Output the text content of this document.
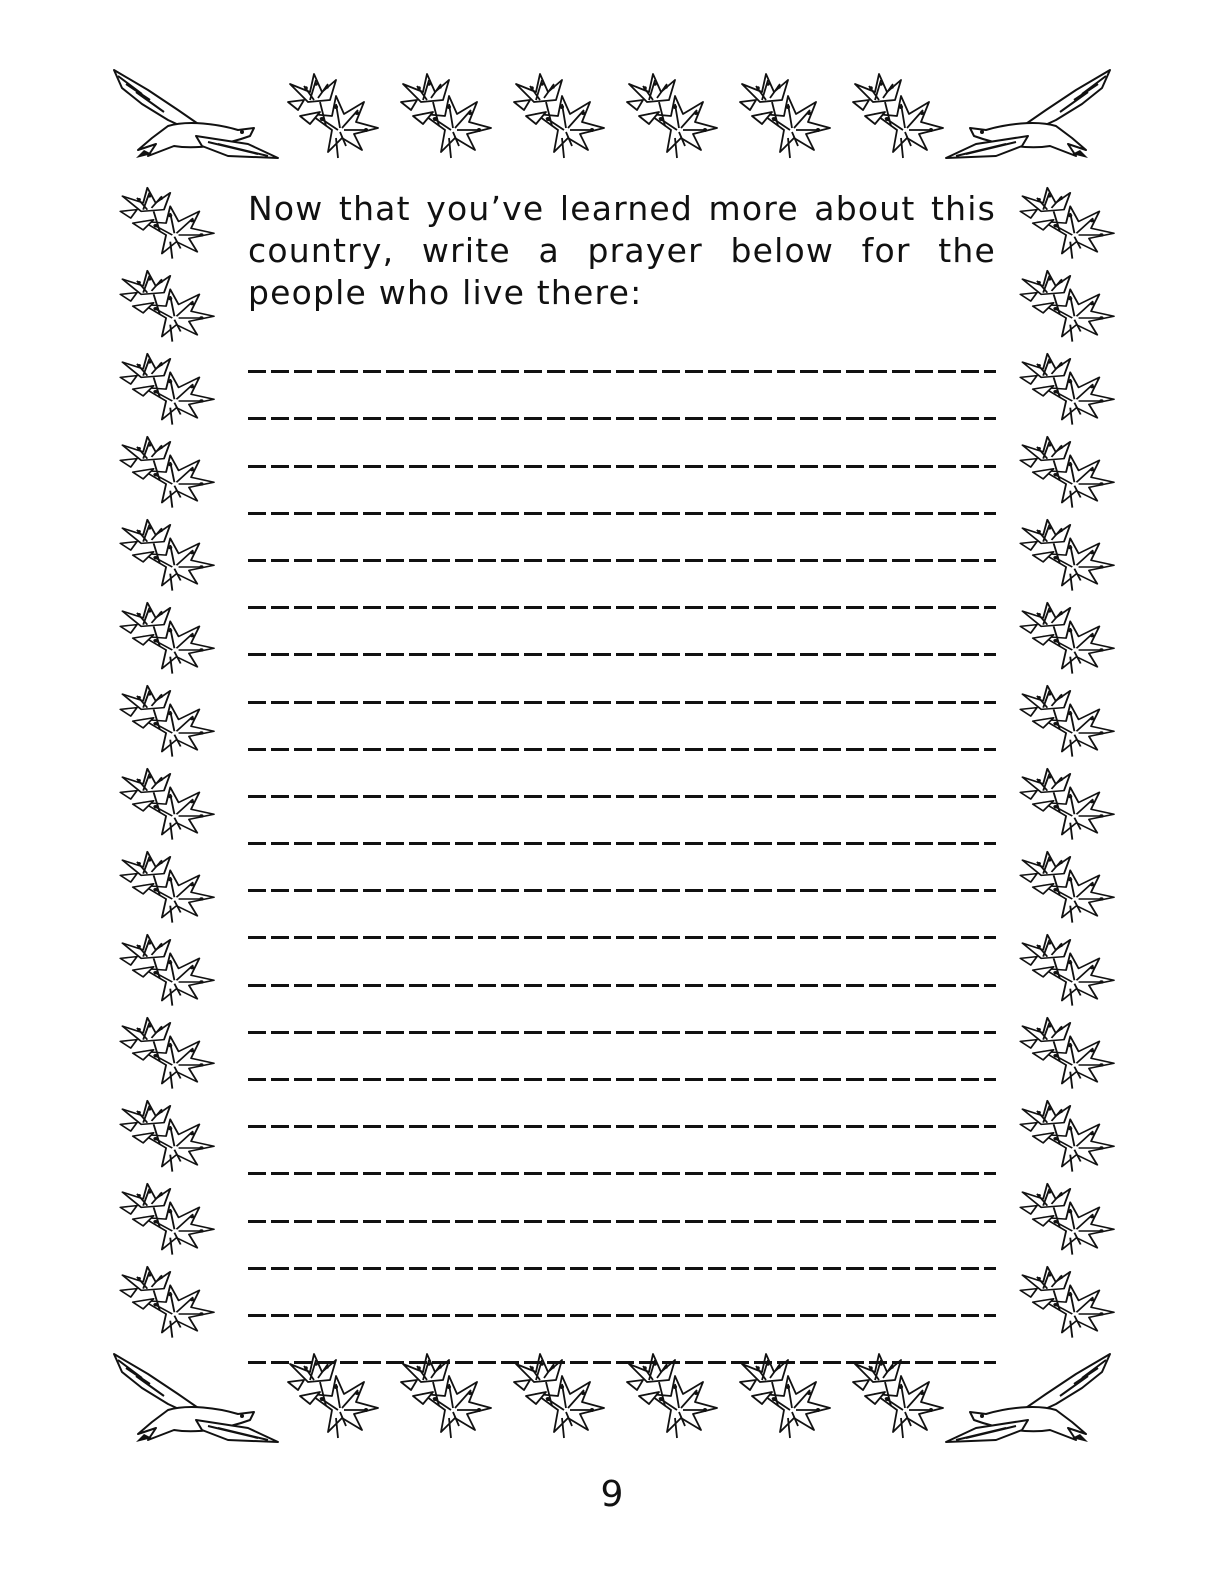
Now that you’ve learned more about this country, write a prayer below for the people who live there:

9
